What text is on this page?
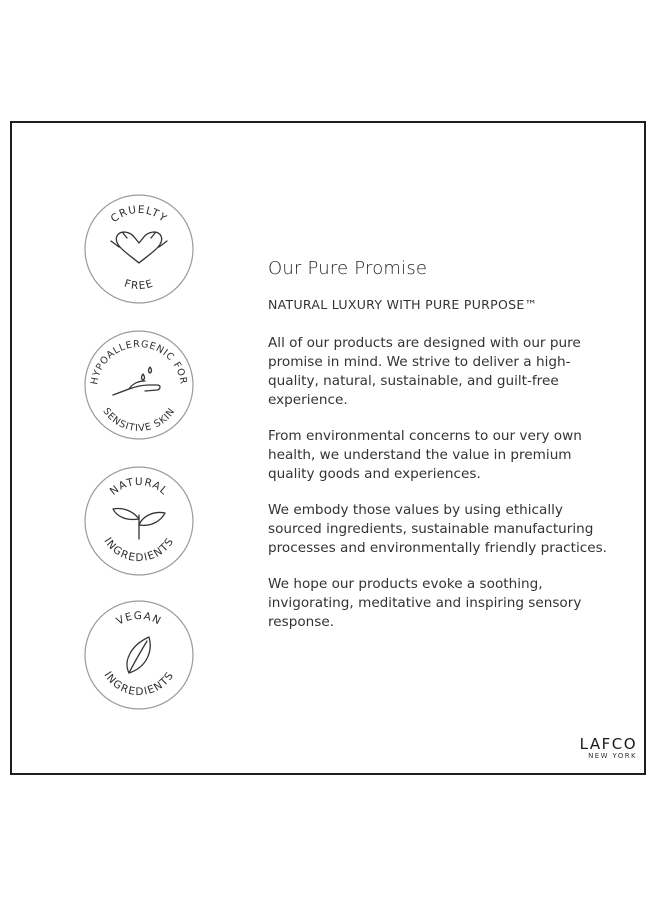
CRUELTY
FREE
HYPOALLERGENIC FOR
SENSITIVE SKIN
NATURAL
INGREDIENTS
VEGAN
INGREDIENTS
Our Pure Promise

NATURAL LUXURY WITH PURE PURPOSE™

All of our products are designed with our pure promise in mind. We strive to deliver a high-quality, natural, sustainable, and guilt-free experience.

From environmental concerns to our very own health, we understand the value in premium quality goods and experiences.

We embody those values by using ethically sourced ingredients, sustainable manufacturing processes and environmentally friendly practices.

We hope our products evoke a soothing, invigorating, meditative and inspiring sensory response.

LAFCO
NEW YORK
